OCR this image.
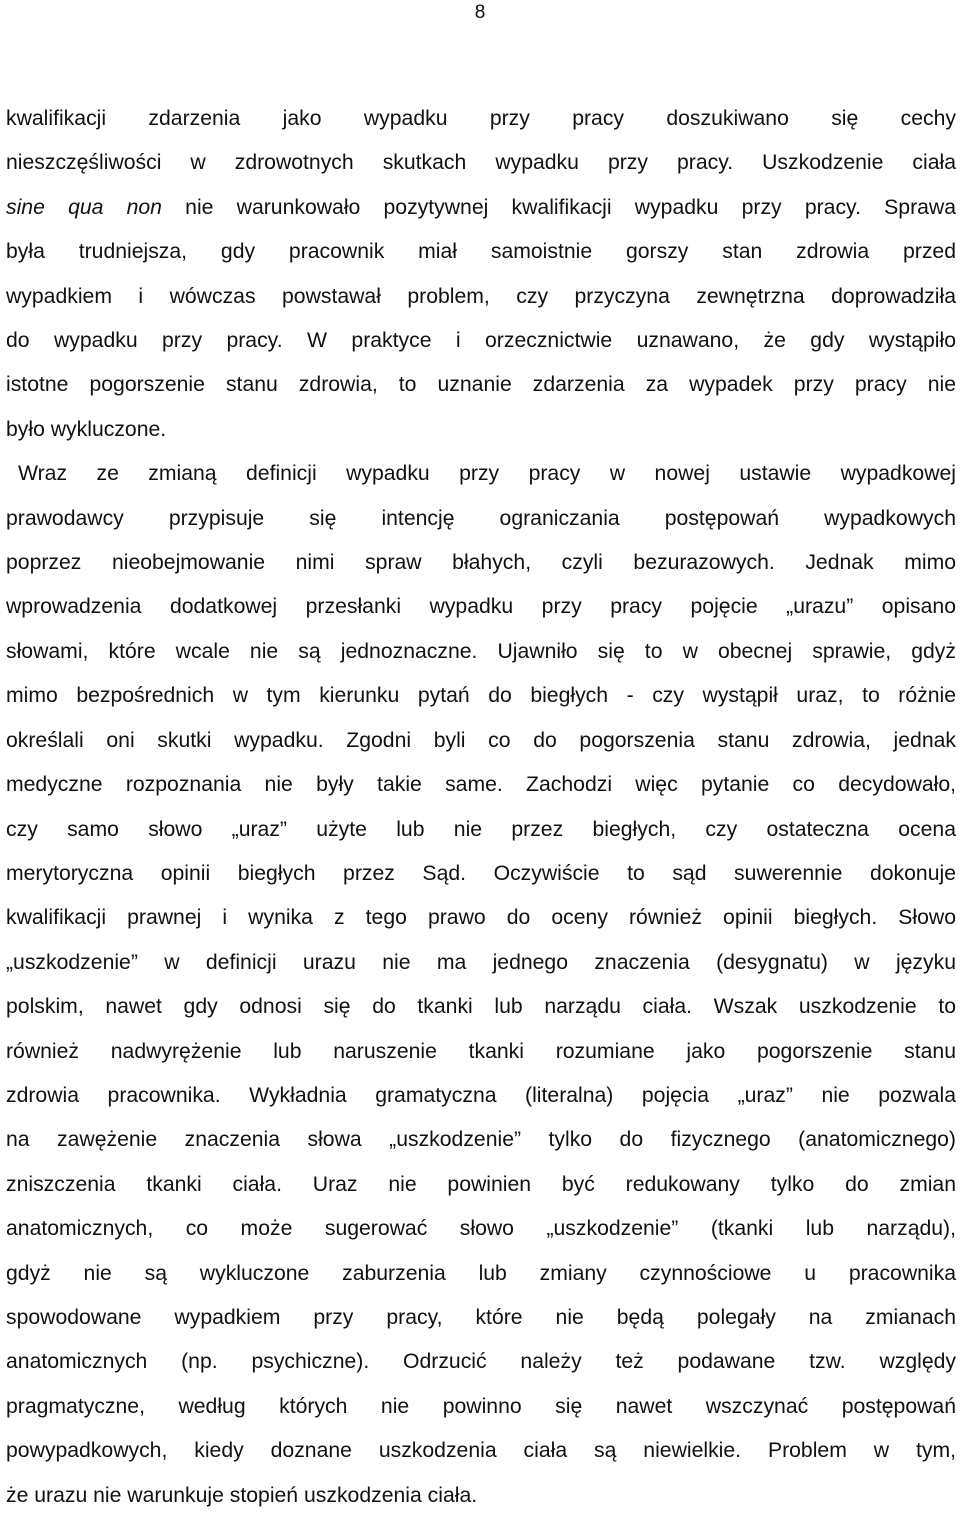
8

kwalifikacji zdarzenia jako wypadku przy pracy doszukiwano się cechy

nieszczęśliwości w zdrowotnych skutkach wypadku przy pracy. Uszkodzenie ciała

sine qua non nie warunkowało pozytywnej kwalifikacji wypadku przy pracy. Sprawa

była trudniejsza, gdy pracownik miał samoistnie gorszy stan zdrowia przed

wypadkiem i wówczas powstawał problem, czy przyczyna zewnętrzna doprowadziła

do wypadku przy pracy. W praktyce i orzecznictwie uznawano, że gdy wystąpiło

istotne pogorszenie stanu zdrowia, to uznanie zdarzenia za wypadek przy pracy nie

było wykluczone.

Wraz ze zmianą definicji wypadku przy pracy w nowej ustawie wypadkowej

prawodawcy przypisuje się intencję ograniczania postępowań wypadkowych

poprzez nieobejmowanie nimi spraw błahych, czyli bezurazowych. Jednak mimo

wprowadzenia dodatkowej przesłanki wypadku przy pracy pojęcie „urazu” opisano

słowami, które wcale nie są jednoznaczne. Ujawniło się to w obecnej sprawie, gdyż

mimo bezpośrednich w tym kierunku pytań do biegłych - czy wystąpił uraz, to różnie

określali oni skutki wypadku. Zgodni byli co do pogorszenia stanu zdrowia, jednak

medyczne rozpoznania nie były takie same. Zachodzi więc pytanie co decydowało,

czy samo słowo „uraz” użyte lub nie przez biegłych, czy ostateczna ocena

merytoryczna opinii biegłych przez Sąd. Oczywiście to sąd suwerennie dokonuje

kwalifikacji prawnej i wynika z tego prawo do oceny również opinii biegłych. Słowo

„uszkodzenie” w definicji urazu nie ma jednego znaczenia (desygnatu) w języku

polskim, nawet gdy odnosi się do tkanki lub narządu ciała. Wszak uszkodzenie to

również nadwyrężenie lub naruszenie tkanki rozumiane jako pogorszenie stanu

zdrowia pracownika. Wykładnia gramatyczna (literalna) pojęcia „uraz” nie pozwala

na zawężenie znaczenia słowa „uszkodzenie” tylko do fizycznego (anatomicznego)

zniszczenia tkanki ciała. Uraz nie powinien być redukowany tylko do zmian

anatomicznych, co może sugerować słowo „uszkodzenie” (tkanki lub narządu),

gdyż nie są wykluczone zaburzenia lub zmiany czynnościowe u pracownika

spowodowane wypadkiem przy pracy, które nie będą polegały na zmianach

anatomicznych (np. psychiczne). Odrzucić należy też podawane tzw. względy

pragmatyczne, według których nie powinno się nawet wszczynać postępowań

powypadkowych, kiedy doznane uszkodzenia ciała są niewielkie. Problem w tym,

że urazu nie warunkuje stopień uszkodzenia ciała.
